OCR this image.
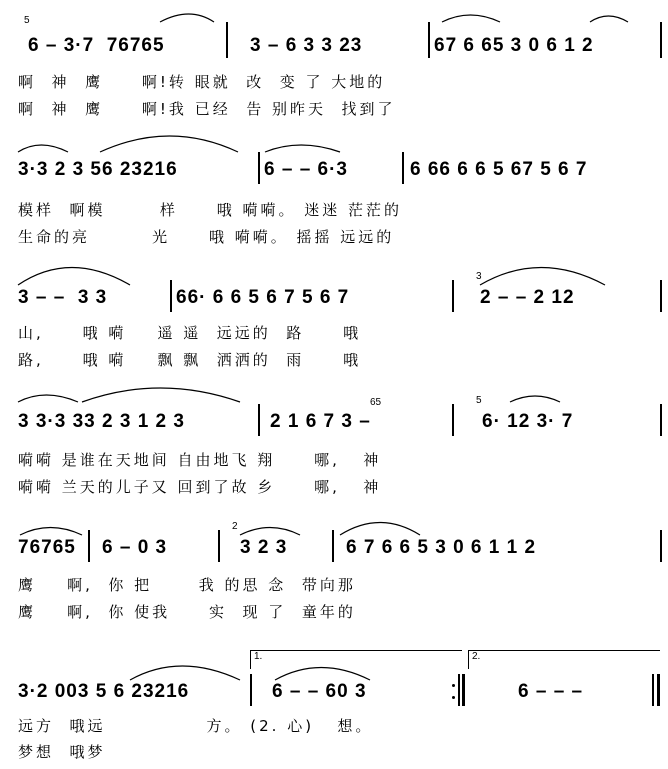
5
6 – 3·7  76765	3 – 6 3 3 23	67 6 65 3 0 6 1 2
啊  神  鹰     啊!转 眼就  改  变 了 大地的
啊  神  鹰     啊!我 已经  告 别昨天  找到了
3·3 2 3 56 23216	6 – – 6·3	6 66 6 6 5 67 5 6 7
模样  啊模       样     哦 嗬嗬。 迷迷 茫茫的
生命的亮        光     哦 嗬嗬。 摇摇 远远的
3 – –  3 3	66· 6 6 5 6 7 5 6 7
3
2 – – 2 12
山,     哦 嗬    遥 遥  远远的  路     哦
路,     哦 嗬    飘 飘  洒洒的  雨     哦
3 3·3 33 2 3 1 2 3	2 1 6 7 3 –
65	5
6· 12 3· 7
嗬嗬 是谁在天地间 自由地飞 翔     哪,   神
嗬嗬 兰天的儿子又 回到了故 乡     哪,   神
76765 6 – 0 3
2
3 2 3	6 7 6 6 5 3 0 6 1 1 2
鹰    啊,  你 把      我 的思 念  带向那
鹰    啊,  你 使我     实  现 了  童年的
1.	2.
3·2 003 5 6 23216	6 – – 60 3	6 – – –
远方  哦远             方。 (2. 心)   想。
梦想  哦梦
